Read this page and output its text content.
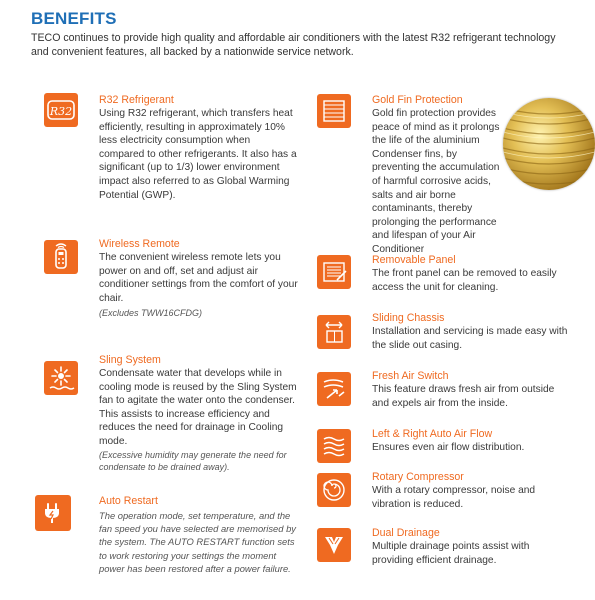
BENEFITS
TECO continues to provide high quality and affordable air conditioners with the latest R32 refrigerant technology and convenient features, all backed by a nationwide service network.
R32
R32 Refrigerant
Using R32 refrigerant, which transfers heat efficiently, resulting in approximately 10% less electricity consumption when compared to other refrigerants. It also has a significant (up to 1/3) lower environment impact also referred to as Global Warming Potential (GWP).
Wireless Remote
The convenient wireless remote lets you power on and off, set and adjust air conditioner settings from the comfort of your chair.
(Excludes TWW16CFDG)
Sling System
Condensate water that develops while in cooling mode is reused by the Sling System fan to agitate the water onto the condenser. This assists to increase efficiency and reduces the need for drainage in Cooling mode.
(Excessive humidity may generate the need for condensate to be drained away).
Auto Restart
The operation mode, set temperature, and the fan speed you have selected are memorised by the system. The AUTO RESTART function sets to work restoring your settings the moment power has been restored after a power failure.
Gold Fin Protection
Gold fin protection provides peace of mind as it prolongs the life of the aluminium Condenser fins, by preventing the accumulation of harmful corrosive acids, salts and air borne contaminants, thereby prolonging the performance and lifespan of your Air Conditioner
Removable Panel
The front panel can be removed to easily access the unit for cleaning.
Sliding Chassis
Installation and servicing is made easy with the slide out casing.
Fresh Air Switch
This feature draws fresh air from outside and expels air from the inside.
Left & Right Auto Air Flow
Ensures even air flow distribution.
Rotary Compressor
With a rotary compressor, noise and vibration is reduced.
Dual Drainage
Multiple drainage points assist with providing efficient drainage.
